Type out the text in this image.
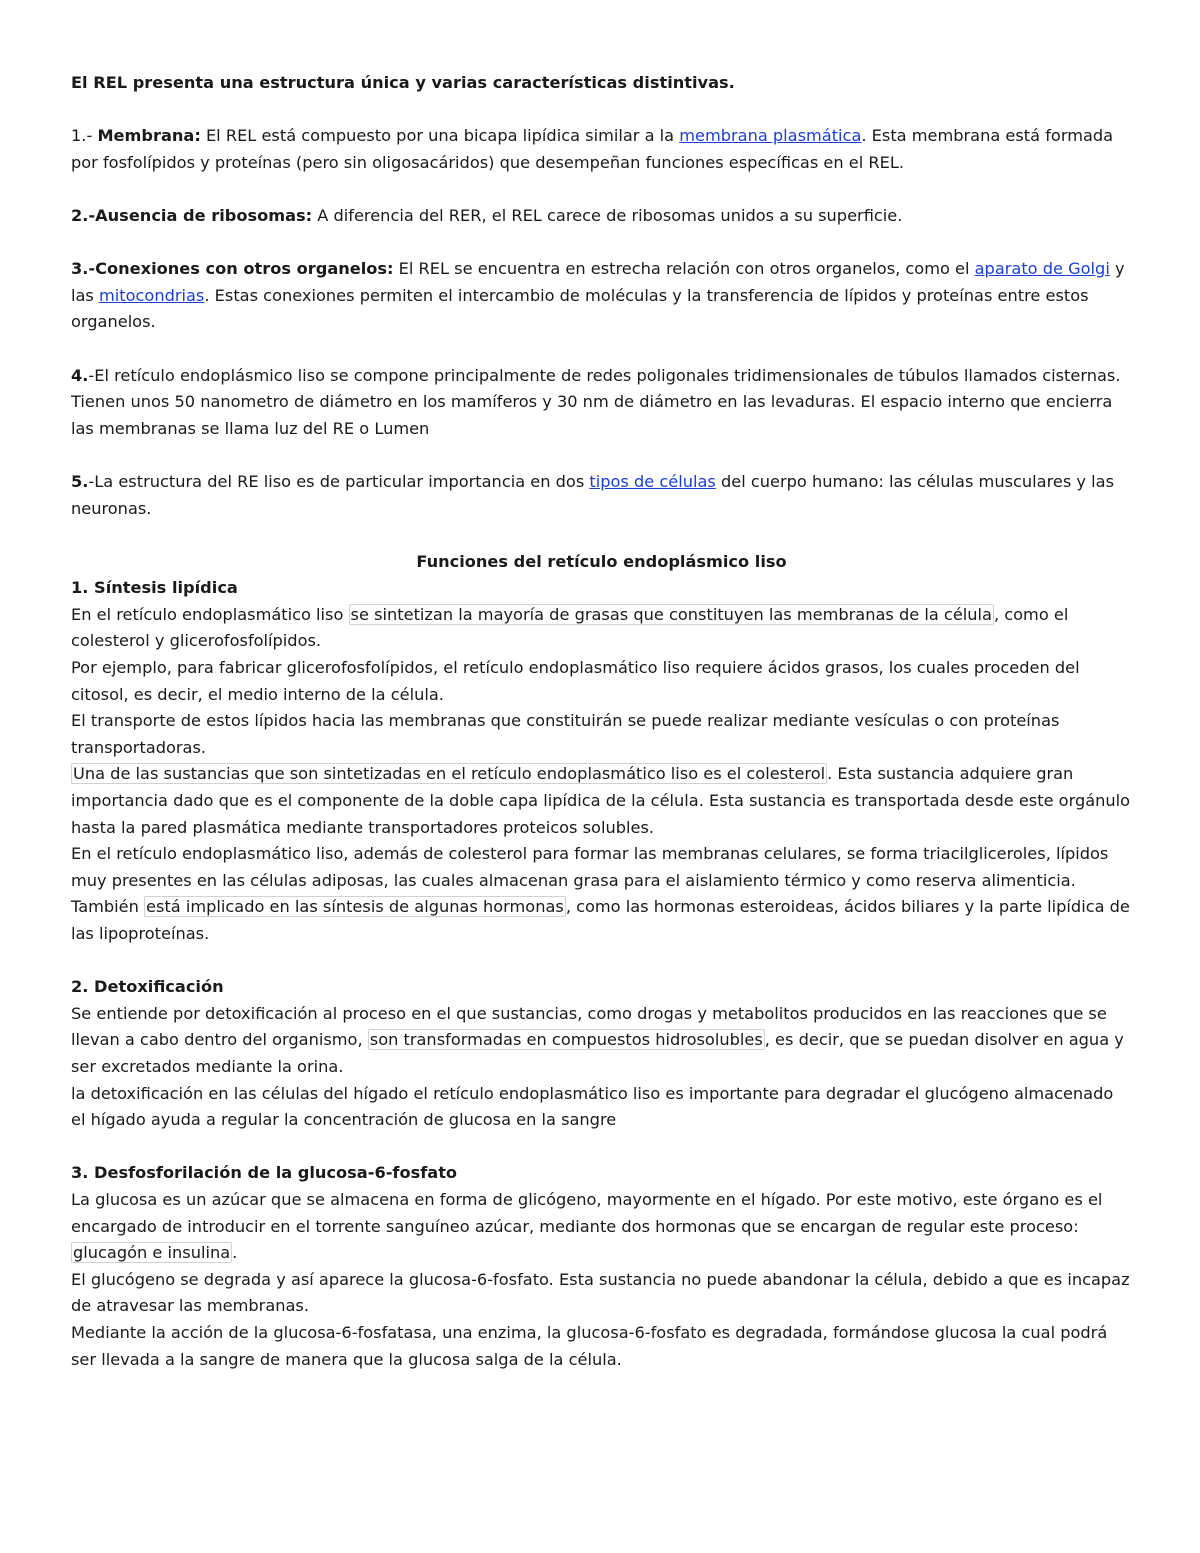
El REL presenta una estructura única y varias características distintivas.

1.- Membrana: El REL está compuesto por una bicapa lipídica similar a la membrana plasmática. Esta membrana está formada por fosfolípidos y proteínas (pero sin oligosacáridos) que desempeñan funciones específicas en el REL.

2.-Ausencia de ribosomas: A diferencia del RER, el REL carece de ribosomas unidos a su superficie.

3.-Conexiones con otros organelos: El REL se encuentra en estrecha relación con otros organelos, como el aparato de Golgi y las mitocondrias. Estas conexiones permiten el intercambio de moléculas y la transferencia de lípidos y proteínas entre estos organelos.

4.-El retículo endoplásmico liso se compone principalmente de redes poligonales tridimensionales de túbulos llamados cisternas. Tienen unos 50 nanometro de diámetro en los mamíferos y 30 nm de diámetro en las levaduras. El espacio interno que encierra las membranas se llama luz del RE o Lumen

5.-La estructura del RE liso es de particular importancia en dos tipos de células del cuerpo humano: las células musculares y las neuronas.

Funciones del retículo endoplásmico liso

1. Síntesis lipídica

En el retículo endoplasmático liso se sintetizan la mayoría de grasas que constituyen las membranas de la célula , como el colesterol y glicerofosfolípidos.

Por ejemplo, para fabricar glicerofosfolípidos, el retículo endoplasmático liso requiere ácidos grasos, los cuales proceden del citosol, es decir, el medio interno de la célula.

El transporte de estos lípidos hacia las membranas que constituirán se puede realizar mediante vesículas o con proteínas transportadoras.

Una de las sustancias que son sintetizadas en el retículo endoplasmático liso es el colesterol . Esta sustancia adquiere gran importancia dado que es el componente de la doble capa lipídica de la célula. Esta sustancia es transportada desde este orgánulo hasta la pared plasmática mediante transportadores proteicos solubles.

En el retículo endoplasmático liso, además de colesterol para formar las membranas celulares, se forma triacilgliceroles, lípidos muy presentes en las células adiposas, las cuales almacenan grasa para el aislamiento térmico y como reserva alimenticia.

También está implicado en las síntesis de algunas hormonas , como las hormonas esteroideas, ácidos biliares y la parte lipídica de las lipoproteínas.

2. Detoxificación

Se entiende por detoxificación al proceso en el que sustancias, como drogas y metabolitos producidos en las reacciones que se llevan a cabo dentro del organismo, son transformadas en compuestos hidrosolubles , es decir, que se puedan disolver en agua y ser excretados mediante la orina.

la detoxificación en las células del hígado el retículo endoplasmático liso es importante para degradar el glucógeno almacenado el hígado ayuda a regular la concentración de glucosa en la sangre

3. Desfosforilación de la glucosa-6-fosfato

La glucosa es un azúcar que se almacena en forma de glicógeno, mayormente en el hígado. Por este motivo, este órgano es el encargado de introducir en el torrente sanguíneo azúcar, mediante dos hormonas que se encargan de regular este proceso: glucagón e insulina .

El glucógeno se degrada y así aparece la glucosa-6-fosfato. Esta sustancia no puede abandonar la célula, debido a que es incapaz de atravesar las membranas.

Mediante la acción de la glucosa-6-fosfatasa, una enzima, la glucosa-6-fosfato es degradada, formándose glucosa la cual podrá ser llevada a la sangre de manera que la glucosa salga de la célula.
